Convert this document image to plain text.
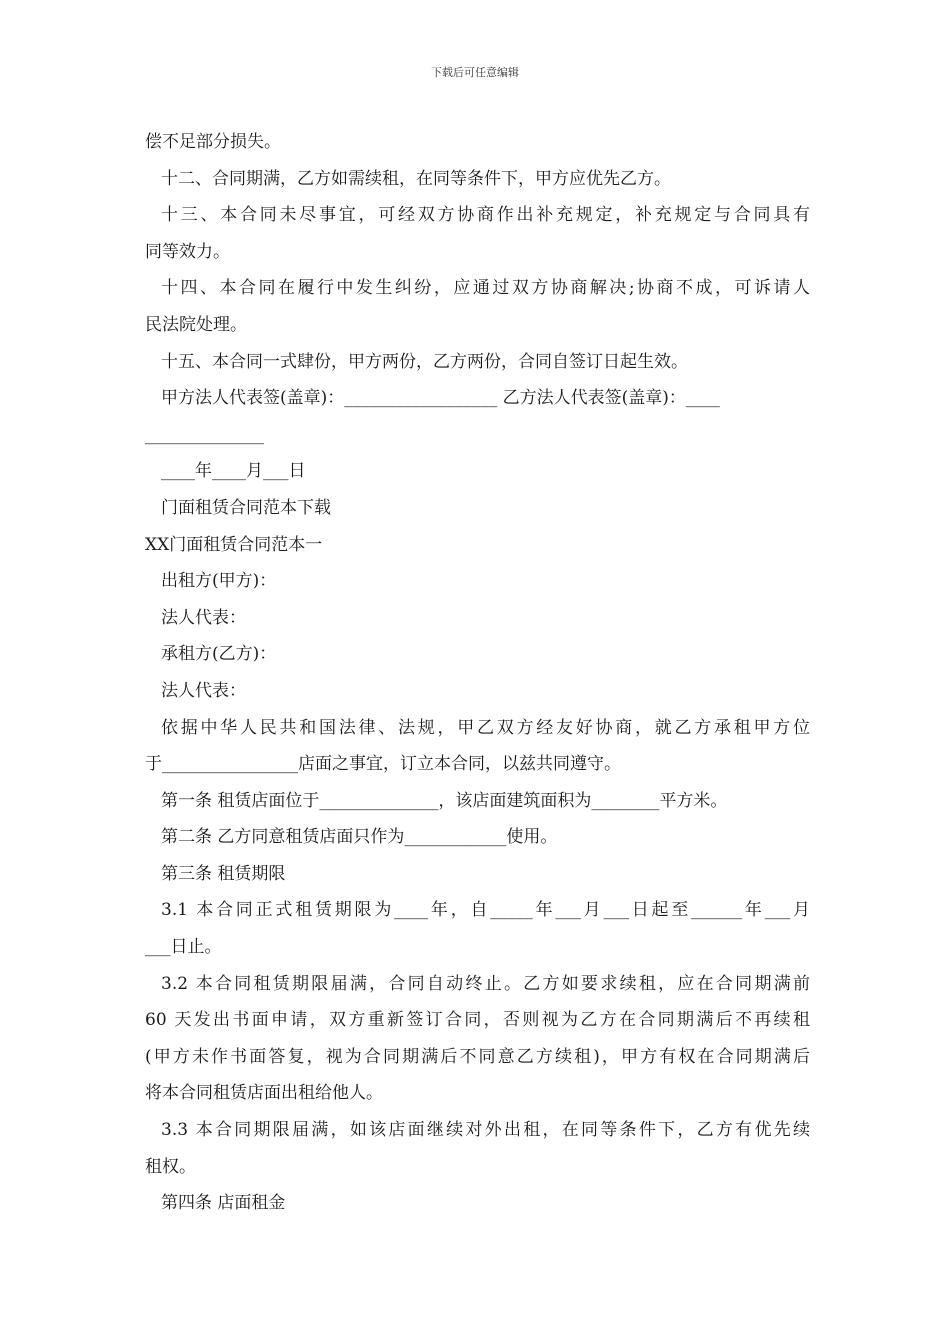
下载后可任意编辑
偿不足部分损失。
十二、合同期满，乙方如需续租，在同等条件下，甲方应优先乙方。
十三、本合同未尽事宜，可经双方协商作出补充规定，补充规定与合同具有
同等效力。
十四、本合同在履行中发生纠纷，应通过双方协商解决;协商不成，可诉请人
民法院处理。
十五、本合同一式肆份，甲方两份，乙方两份，合同自签订日起生效。
甲方法人代表签(盖章)：__________________ 乙方法人代表签(盖章)：____
______________
____年____月___日
门面租赁合同范本下载
XX门面租赁合同范本一
出租方(甲方)：
法人代表：
承租方(乙方)：
法人代表：
依据中华人民共和国法律、法规，甲乙双方经友好协商，就乙方承租甲方位
于________________店面之事宜，订立本合同，以兹共同遵守。
第一条 租赁店面位于______________，该店面建筑面积为________平方米。
第二条 乙方同意租赁店面只作为____________使用。
第三条 租赁期限
3.1 本合同正式租赁期限为____年，自_____年___月___日起至______年___月
___日止。
3.2 本合同租赁期限届满，合同自动终止。乙方如要求续租，应在合同期满前
60 天发出书面申请，双方重新签订合同，否则视为乙方在合同期满后不再续租
(甲方未作书面答复，视为合同期满后不同意乙方续租)，甲方有权在合同期满后
将本合同租赁店面出租给他人。
3.3 本合同期限届满，如该店面继续对外出租，在同等条件下，乙方有优先续
租权。
第四条 店面租金
